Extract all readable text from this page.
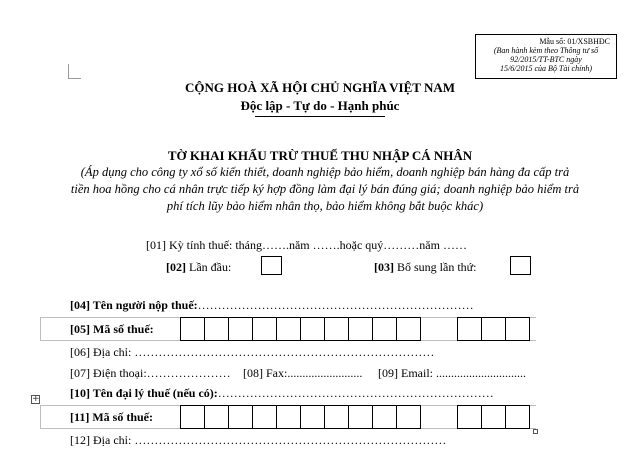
Mẫu số: 01/XSBHĐC
(Ban hành kèm theo Thông tư số
92/2015/TT-BTC ngày
15/6/2015 của Bộ Tài chính)
CỘNG HOÀ XÃ HỘI CHỦ NGHĨA VIỆT NAM
Độc lập - Tự do - Hạnh phúc
TỜ KHAI KHẤU TRỪ THUẾ THU NHẬP CÁ NHÂN
(Áp dụng cho công ty xổ số kiến thiết, doanh nghiệp bảo hiểm, doanh nghiệp bán hàng đa cấp trả tiền hoa hồng cho cá nhân trực tiếp ký hợp đồng làm đại lý bán đúng giá; doanh nghiệp bảo hiểm trả phí tích lũy bảo hiểm nhân thọ, bảo hiểm không bắt buộc khác)
[01] Kỳ tính thuế: tháng…….năm …….hoặc quý………năm ……
[02] Lần đầu:	[03] Bổ sung lần thứ:
[04] Tên người nộp thuế:……………………………………………………………
[05] Mã số thuế:
[06] Địa chỉ: …………………………………………………………………
[07] Điện thoại:………………… [08] Fax:......................... [09] Email: ..............................
[10] Tên đại lý thuế (nếu có):……………………………………………………………
+
[11] Mã số thuế:
[12] Địa chỉ: ……………………………………………………………………
